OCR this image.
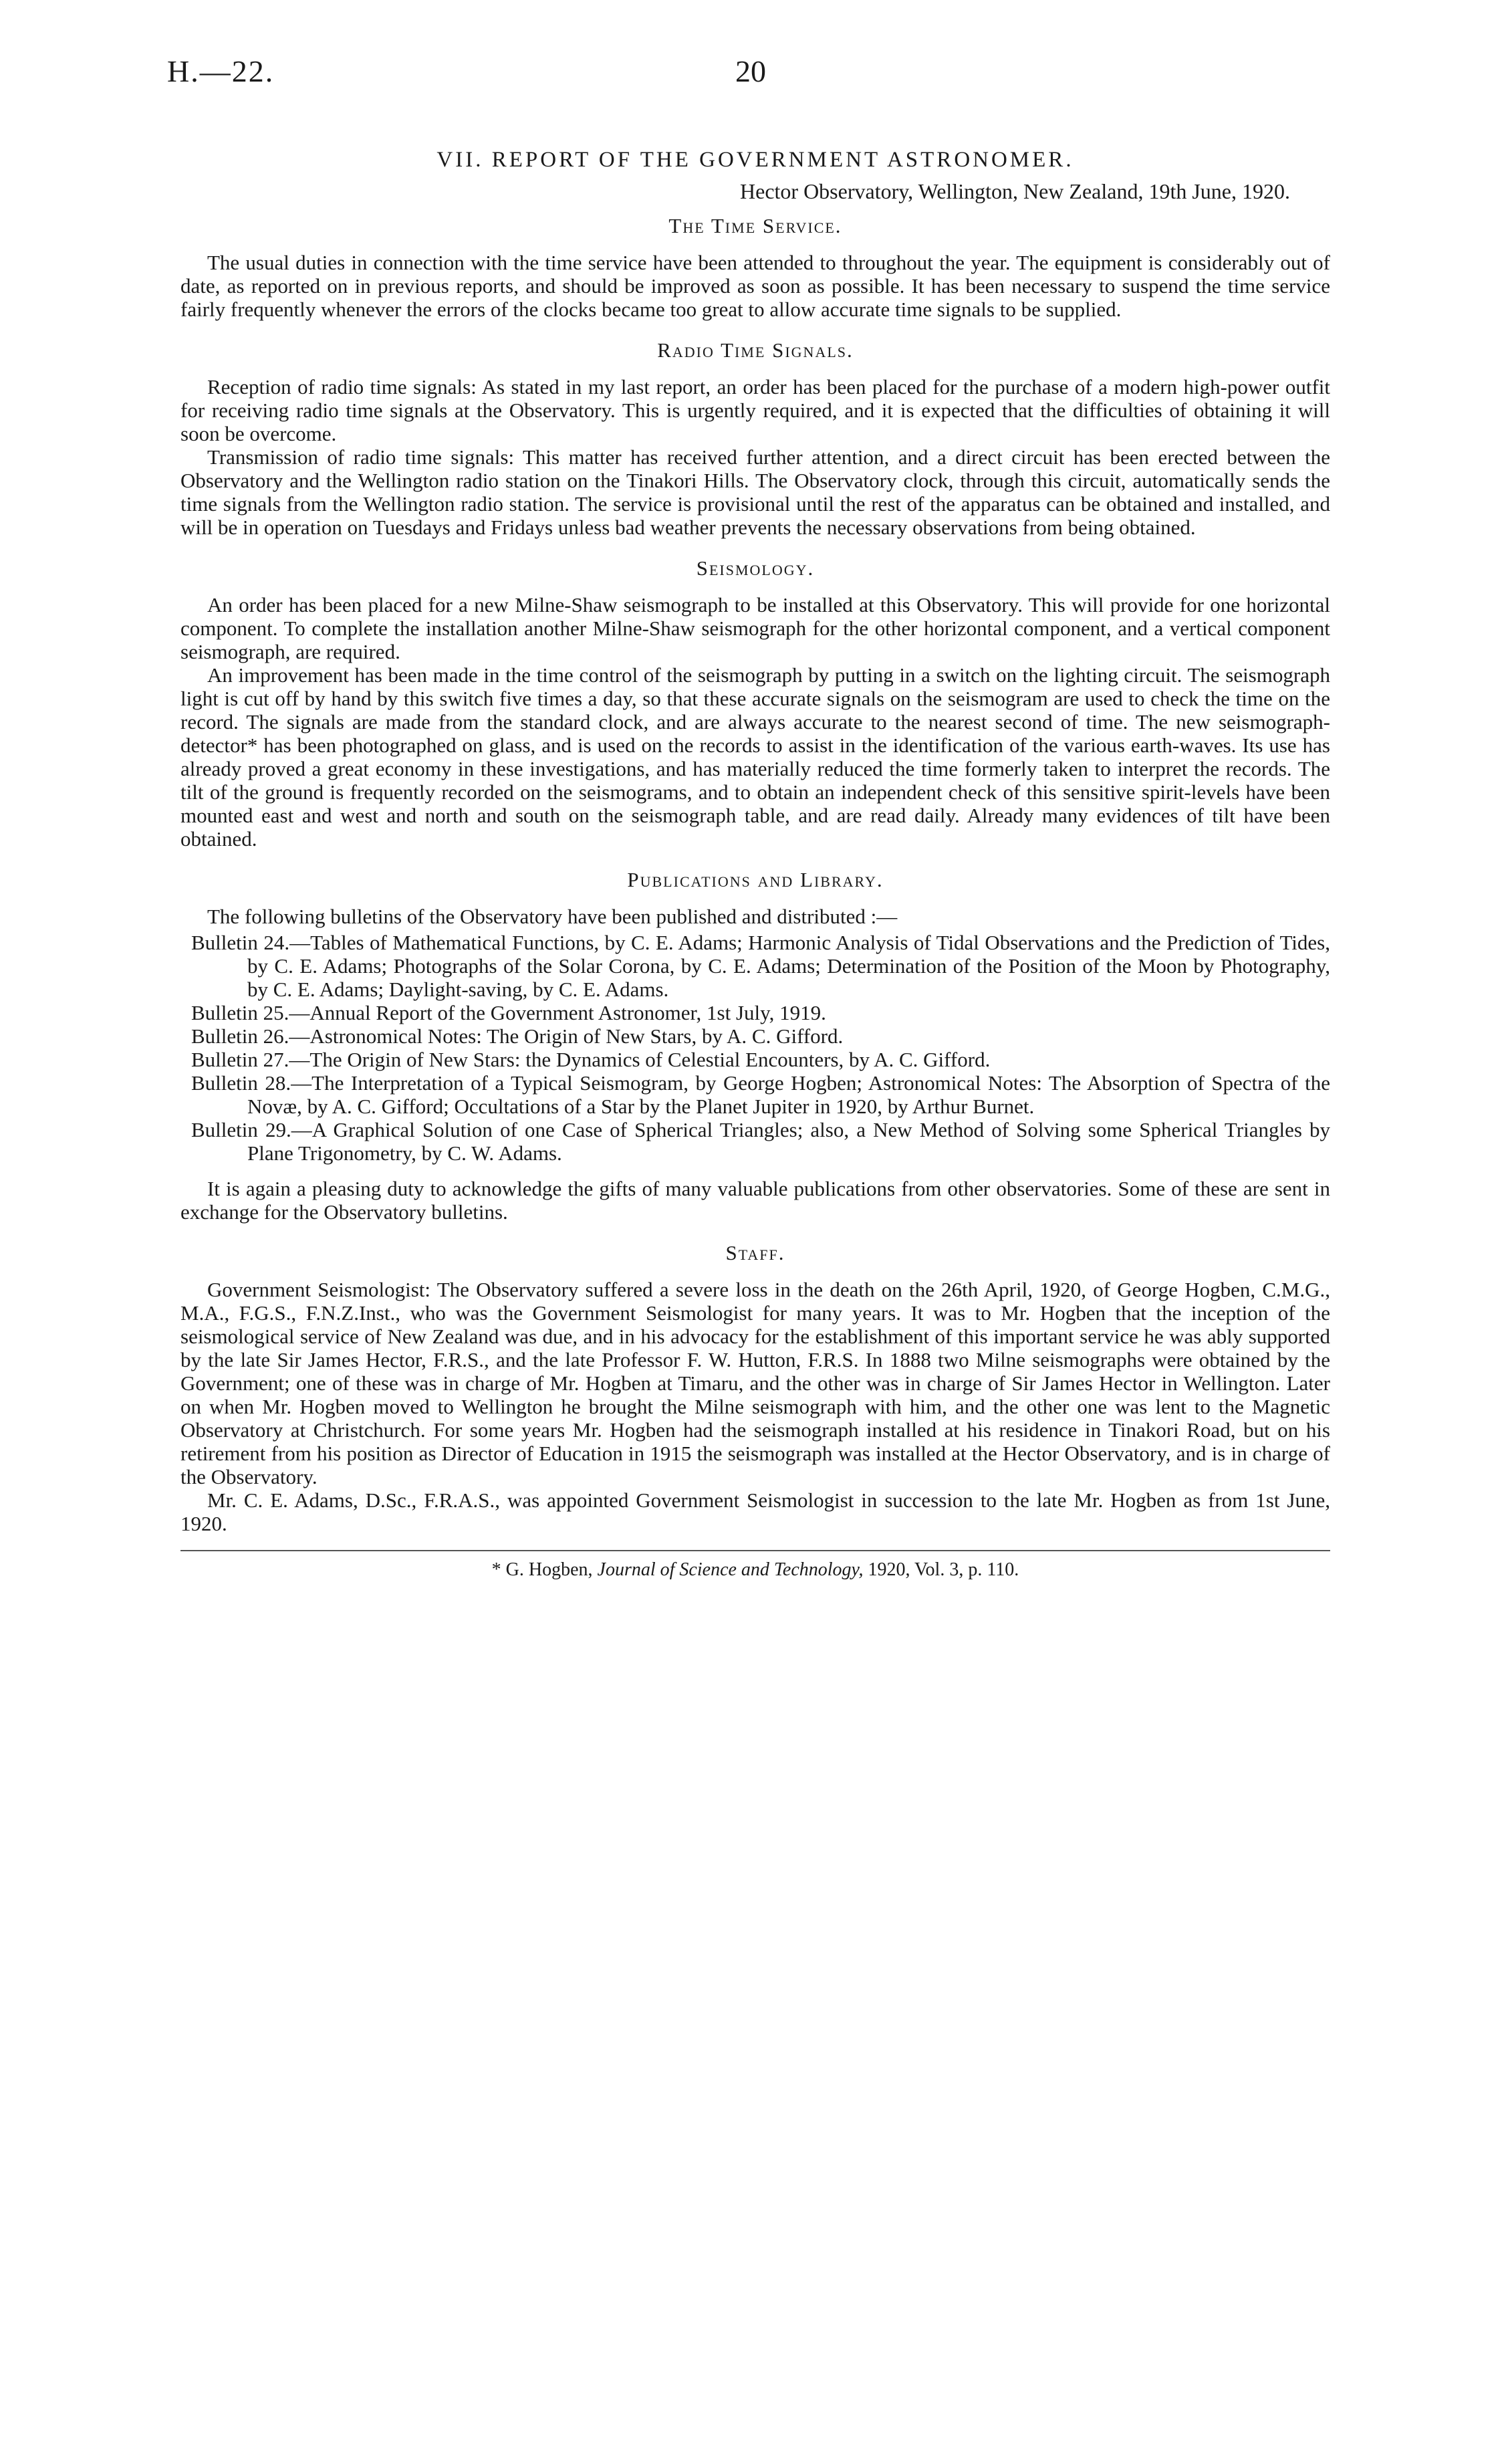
H.—22.	20
VII. REPORT OF THE GOVERNMENT ASTRONOMER.
Hector Observatory, Wellington, New Zealand, 19th June, 1920.
The Time Service.

The usual duties in connection with the time service have been attended to throughout the year. The equipment is considerably out of date, as reported on in previous reports, and should be improved as soon as possible. It has been necessary to suspend the time service fairly frequently whenever the errors of the clocks became too great to allow accurate time signals to be supplied.

Radio Time Signals.

Reception of radio time signals: As stated in my last report, an order has been placed for the purchase of a modern high-power outfit for receiving radio time signals at the Observatory. This is urgently required, and it is expected that the difficulties of obtaining it will soon be overcome.

Transmission of radio time signals: This matter has received further attention, and a direct circuit has been erected between the Observatory and the Wellington radio station on the Tinakori Hills. The Observatory clock, through this circuit, automatically sends the time signals from the Wellington radio station. The service is provisional until the rest of the apparatus can be obtained and installed, and will be in operation on Tuesdays and Fridays unless bad weather prevents the necessary observations from being obtained.

Seismology.

An order has been placed for a new Milne-Shaw seismograph to be installed at this Observatory. This will provide for one horizontal component. To complete the installation another Milne-Shaw seismograph for the other horizontal component, and a vertical component seismograph, are required.

An improvement has been made in the time control of the seismograph by putting in a switch on the lighting circuit. The seismograph light is cut off by hand by this switch five times a day, so that these accurate signals on the seismogram are used to check the time on the record. The signals are made from the standard clock, and are always accurate to the nearest second of time. The new seismograph-detector* has been photographed on glass, and is used on the records to assist in the identification of the various earth-waves. Its use has already proved a great economy in these investigations, and has materially reduced the time formerly taken to interpret the records. The tilt of the ground is frequently recorded on the seismograms, and to obtain an independent check of this sensitive spirit-levels have been mounted east and west and north and south on the seismograph table, and are read daily. Already many evidences of tilt have been obtained.

Publications and Library.

The following bulletins of the Observatory have been published and distributed :—

Bulletin 24.—Tables of Mathematical Functions, by C. E. Adams; Harmonic Analysis of Tidal Observations and the Prediction of Tides, by C. E. Adams; Photographs of the Solar Corona, by C. E. Adams; Determination of the Position of the Moon by Photography, by C. E. Adams; Daylight-saving, by C. E. Adams.
Bulletin 25.—Annual Report of the Government Astronomer, 1st July, 1919.
Bulletin 26.—Astronomical Notes: The Origin of New Stars, by A. C. Gifford.
Bulletin 27.—The Origin of New Stars: the Dynamics of Celestial Encounters, by A. C. Gifford.
Bulletin 28.—The Interpretation of a Typical Seismogram, by George Hogben; Astronomical Notes: The Absorption of Spectra of the Novæ, by A. C. Gifford; Occultations of a Star by the Planet Jupiter in 1920, by Arthur Burnet.
Bulletin 29.—A Graphical Solution of one Case of Spherical Triangles; also, a New Method of Solving some Spherical Triangles by Plane Trigonometry, by C. W. Adams.

It is again a pleasing duty to acknowledge the gifts of many valuable publications from other observatories. Some of these are sent in exchange for the Observatory bulletins.

Staff.

Government Seismologist: The Observatory suffered a severe loss in the death on the 26th April, 1920, of George Hogben, C.M.G., M.A., F.G.S., F.N.Z.Inst., who was the Government Seismologist for many years. It was to Mr. Hogben that the inception of the seismological service of New Zealand was due, and in his advocacy for the establishment of this important service he was ably supported by the late Sir James Hector, F.R.S., and the late Professor F. W. Hutton, F.R.S. In 1888 two Milne seismographs were obtained by the Government; one of these was in charge of Mr. Hogben at Timaru, and the other was in charge of Sir James Hector in Wellington. Later on when Mr. Hogben moved to Wellington he brought the Milne seismograph with him, and the other one was lent to the Magnetic Observatory at Christchurch. For some years Mr. Hogben had the seismograph installed at his residence in Tinakori Road, but on his retirement from his position as Director of Education in 1915 the seismograph was installed at the Hector Observatory, and is in charge of the Observatory.

Mr. C. E. Adams, D.Sc., F.R.A.S., was appointed Government Seismologist in succession to the late Mr. Hogben as from 1st June, 1920.

* G. Hogben, Journal of Science and Technology, 1920, Vol. 3, p. 110.
